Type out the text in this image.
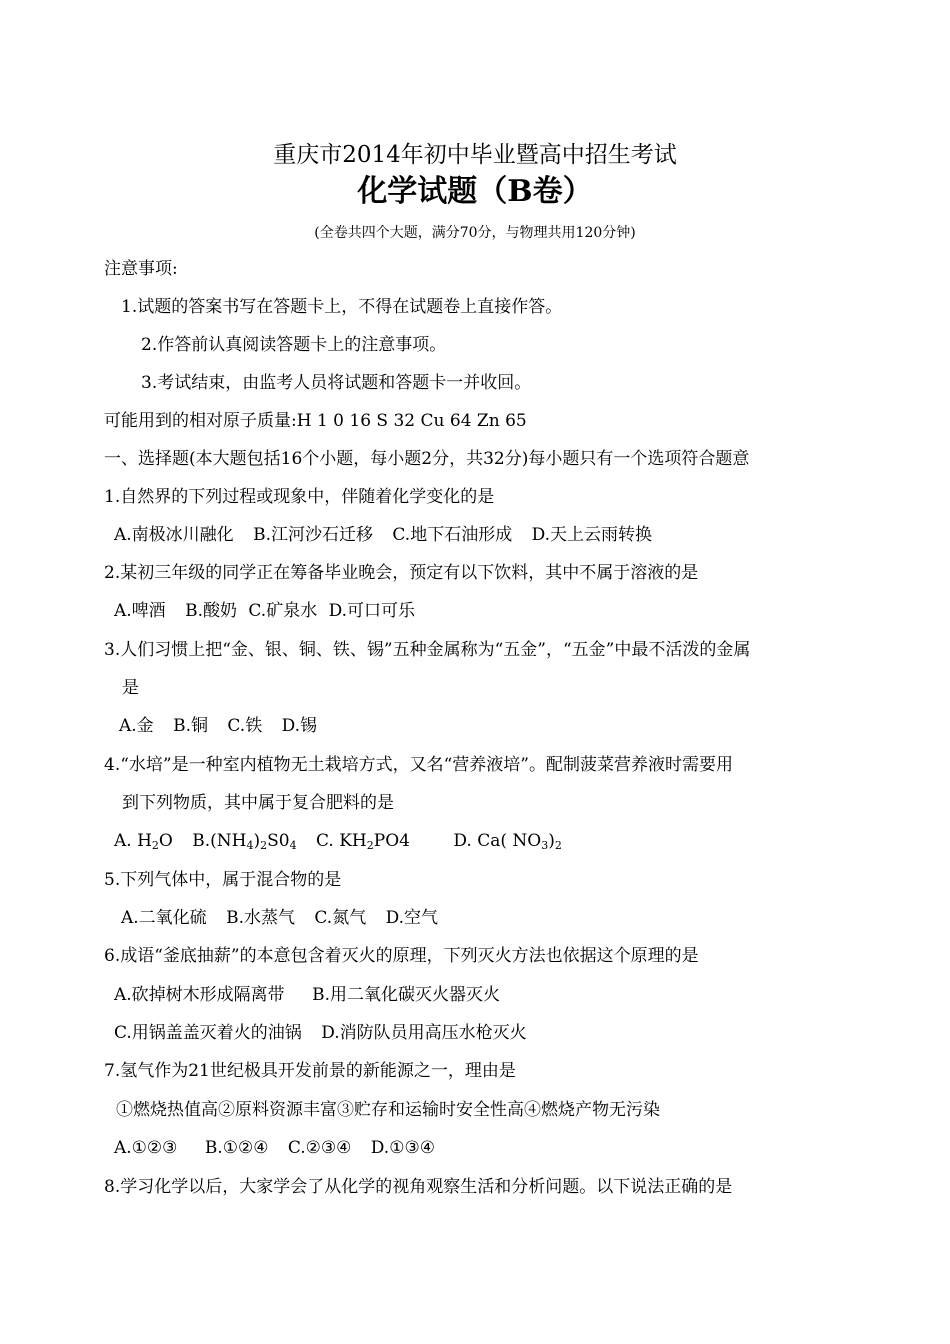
重庆市2014年初中毕业暨高中招生考试
化学试题（B卷）
(全卷共四个大题，满分70分，与物理共用120分钟)
注意事项:
1.试题的答案书写在答题卡上，不得在试题卷上直接作答。
2.作答前认真阅读答题卡上的注意事项。
3.考试结束，由监考人员将试题和答题卡一并收回。
可能用到的相对原子质量:H 1 0 16 S 32 Cu 64 Zn 65
一、选择题(本大题包括16个小题，每小题2分，共32分)每小题只有一个选项符合题意
1.自然界的下列过程或现象中，伴随着化学变化的是
A.南极冰川融化 B.江河沙石迁移 C.地下石油形成 D.天上云雨转换
2.某初三年级的同学正在筹备毕业晚会，预定有以下饮料，其中不属于溶液的是
A.啤酒 B.酸奶 C.矿泉水 D.可口可乐
3.人们习惯上把“金、银、铜、铁、锡”五种金属称为“五金”，“五金”中最不活泼的金属
是
A.金 B.铜 C.铁 D.锡
4.“水培”是一种室内植物无土栽培方式，又名“营养液培”。配制菠菜营养液时需要用
到下列物质，其中属于复合肥料的是
A. $H_2O$ $B.(NH_4)_2S0_4$ C. $KH_2PO4$	D. Ca( $NO_3)_2$
5.下列气体中，属于混合物的是
A.二氧化硫 B.水蒸气 C.氮气 D.空气
6.成语“釜底抽薪”的本意包含着灭火的原理，下列灭火方法也依据这个原理的是
A.砍掉树木形成隔离带 B.用二氧化碳灭火器灭火
C.用锅盖盖灭着火的油锅 D.消防队员用高压水枪灭火
7.氢气作为21世纪极具开发前景的新能源之一，理由是
①燃烧热值高②原料资源丰富③贮存和运输时安全性高④燃烧产物无污染
A.①②③ B.①②④ C.②③④ D.①③④
8.学习化学以后，大家学会了从化学的视角观察生活和分析问题。以下说法正确的是
